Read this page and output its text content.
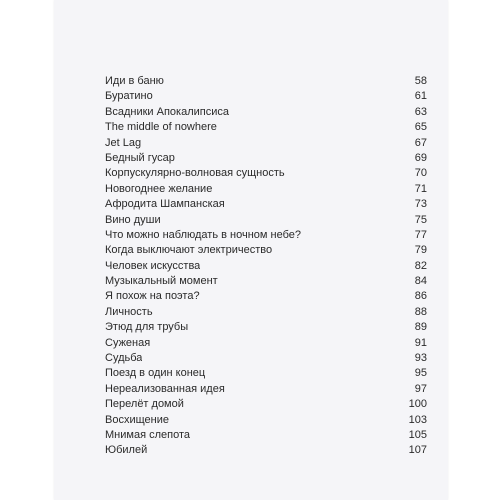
Иди в баню	58
Буратино	61
Всадники Апокалипсиса	63
The middle of nowhere	65
Jet Lag	67
Бедный гусар	69
Корпускулярно-волновая сущность	70
Новогоднее желание	71
Афродита Шампанская	73
Вино души	75
Что можно наблюдать в ночном небе?	77
Когда выключают электричество	79
Человек искусства	82
Музыкальный момент	84
Я похож на поэта?	86
Личность	88
Этюд для трубы	89
Суженая	91
Судьба	93
Поезд в один конец	95
Нереализованная идея	97
Перелёт домой	100
Восхищение	103
Мнимая слепота	105
Юбилей	107
